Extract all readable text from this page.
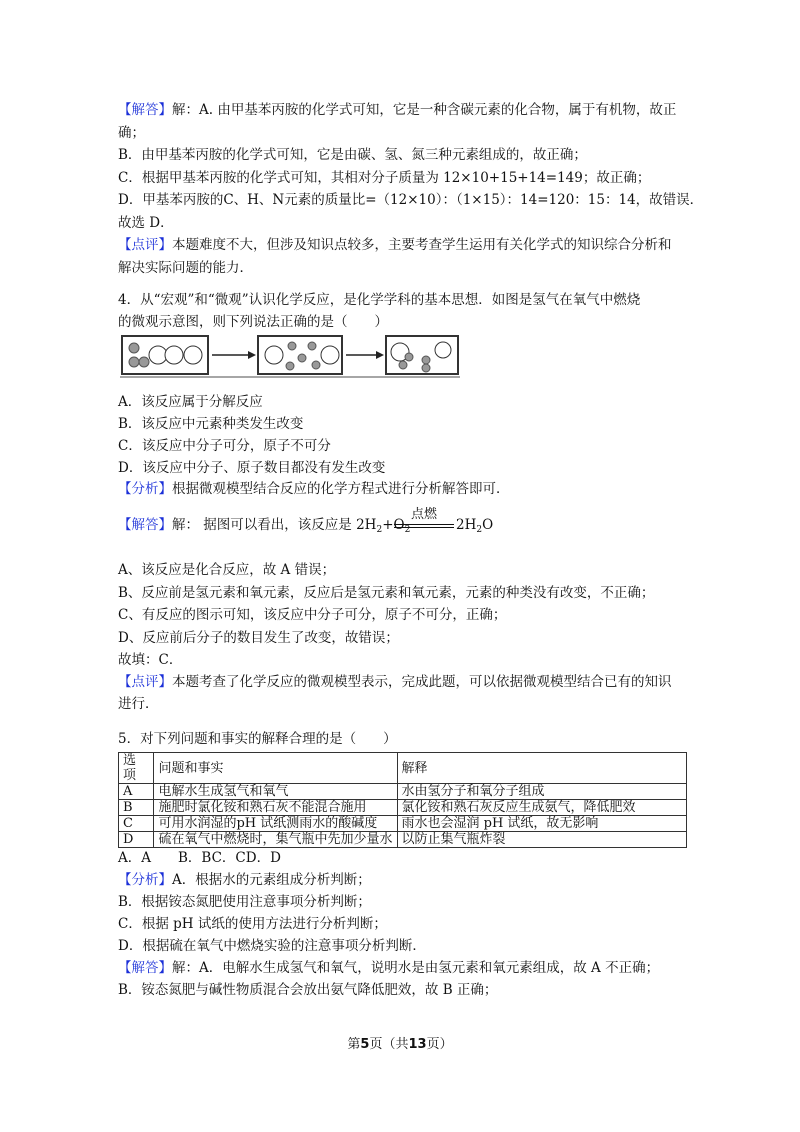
【解答】解：A. 由甲基苯丙胺的化学式可知，它是一种含碳元素的化合物，属于有机物，故正
确；
B．由甲基苯丙胺的化学式可知，它是由碳、氢、氮三种元素组成的，故正确；
C．根据甲基苯丙胺的化学式可知，其相对分子质量为 12×10+15+14=149；故正确；
D．甲基苯丙胺的C、H、N元素的质量比=（12×10）：（1×15）：14=120：15：14，故错误．
故选 D．
【点评】本题难度不大，但涉及知识点较多，主要考查学生运用有关化学式的知识综合分析和
解决实际问题的能力．
4．从“宏观”和“微观”认识化学反应，是化学学科的基本思想．如图是氢气在氧气中燃烧
的微观示意图，则下列说法正确的是（　　）
A．该反应属于分解反应
B．该反应中元素种类发生改变
C．该反应中分子可分，原子不可分
D．该反应中分子、原子数目都没有发生改变
【分析】根据微观模型结合反应的化学方程式进行分析解答即可．
【解答】解： 据图可以看出，该反应是 $2H_2+O_2$
点燃
$2H_2O$
A、该反应是化合反应，故 A 错误；
B、反应前是氢元素和氧元素，反应后是氢元素和氧元素，元素的种类没有改变，不正确；
C、有反应的图示可知，该反应中分子可分，原子不可分，正确；
D、反应前后分子的数目发生了改变，故错误；
故填：C．
【点评】本题考查了化学反应的微观模型表示，完成此题，可以依据微观模型结合已有的知识
进行．
5．对下列问题和事实的解释合理的是（　　）
选项	问题和事实	解释
A	电解水生成氢气和氧气	水由氢分子和氧分子组成
B	施肥时氯化铵和熟石灰不能混合施用	氯化铵和熟石灰反应生成氨气，降低肥效
C	可用水润湿的pH 试纸测雨水的酸碱度	雨水也会湿润 pH 试纸，故无影响
D	硫在氧气中燃烧时，集气瓶中先加少量水	以防止集气瓶炸裂
A．A　　B．BC．CD．D
【分析】A．根据水的元素组成分析判断；
B．根据铵态氮肥使用注意事项分析判断；
C．根据 pH 试纸的使用方法进行分析判断；
D．根据硫在氧气中燃烧实验的注意事项分析判断．
【解答】解：A．电解水生成氢气和氧气，说明水是由氢元素和氧元素组成，故 A 不正确；
B．铵态氮肥与碱性物质混合会放出氨气降低肥效，故 B 正确；
第5页（共13页）
